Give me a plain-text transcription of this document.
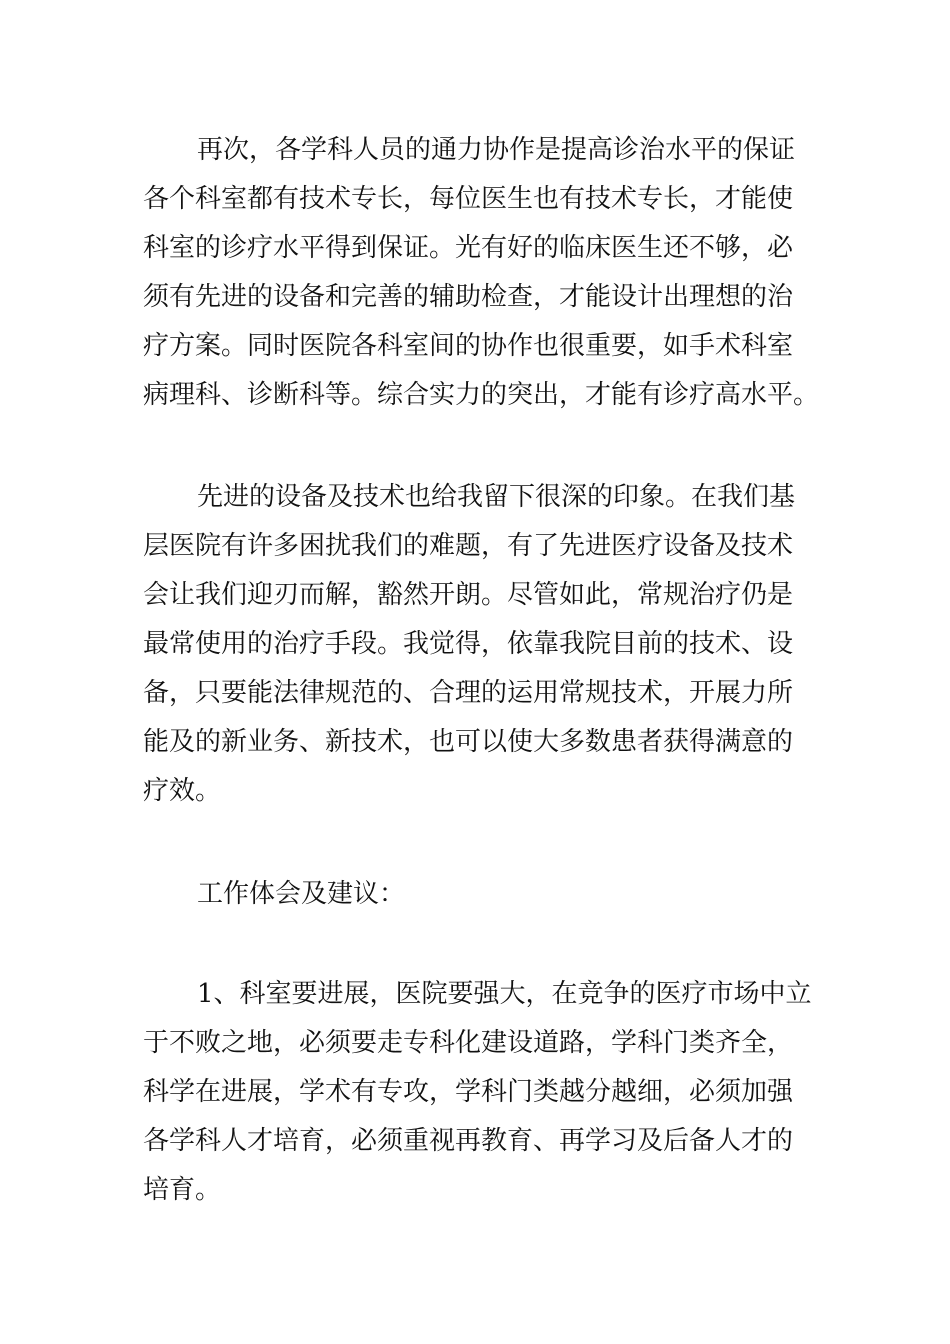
再次，各学科人员的通力协作是提高诊治水平的保证
各个科室都有技术专长，每位医生也有技术专长，才能使
科室的诊疗水平得到保证。光有好的临床医生还不够，必
须有先进的设备和完善的辅助检查，才能设计出理想的治
疗方案。同时医院各科室间的协作也很重要，如手术科室
病理科、诊断科等。综合实力的突出，才能有诊疗高水平。

先进的设备及技术也给我留下很深的印象。在我们基
层医院有许多困扰我们的难题，有了先进医疗设备及技术
会让我们迎刃而解，豁然开朗。尽管如此，常规治疗仍是
最常使用的治疗手段。我觉得，依靠我院目前的技术、设
备，只要能法律规范的、合理的运用常规技术，开展力所
能及的新业务、新技术，也可以使大多数患者获得满意的
疗效。

工作体会及建议：

1、科室要进展，医院要强大，在竞争的医疗市场中立
于不败之地，必须要走专科化建设道路，学科门类齐全，
科学在进展，学术有专攻，学科门类越分越细，必须加强
各学科人才培育，必须重视再教育、再学习及后备人才的
培育。
